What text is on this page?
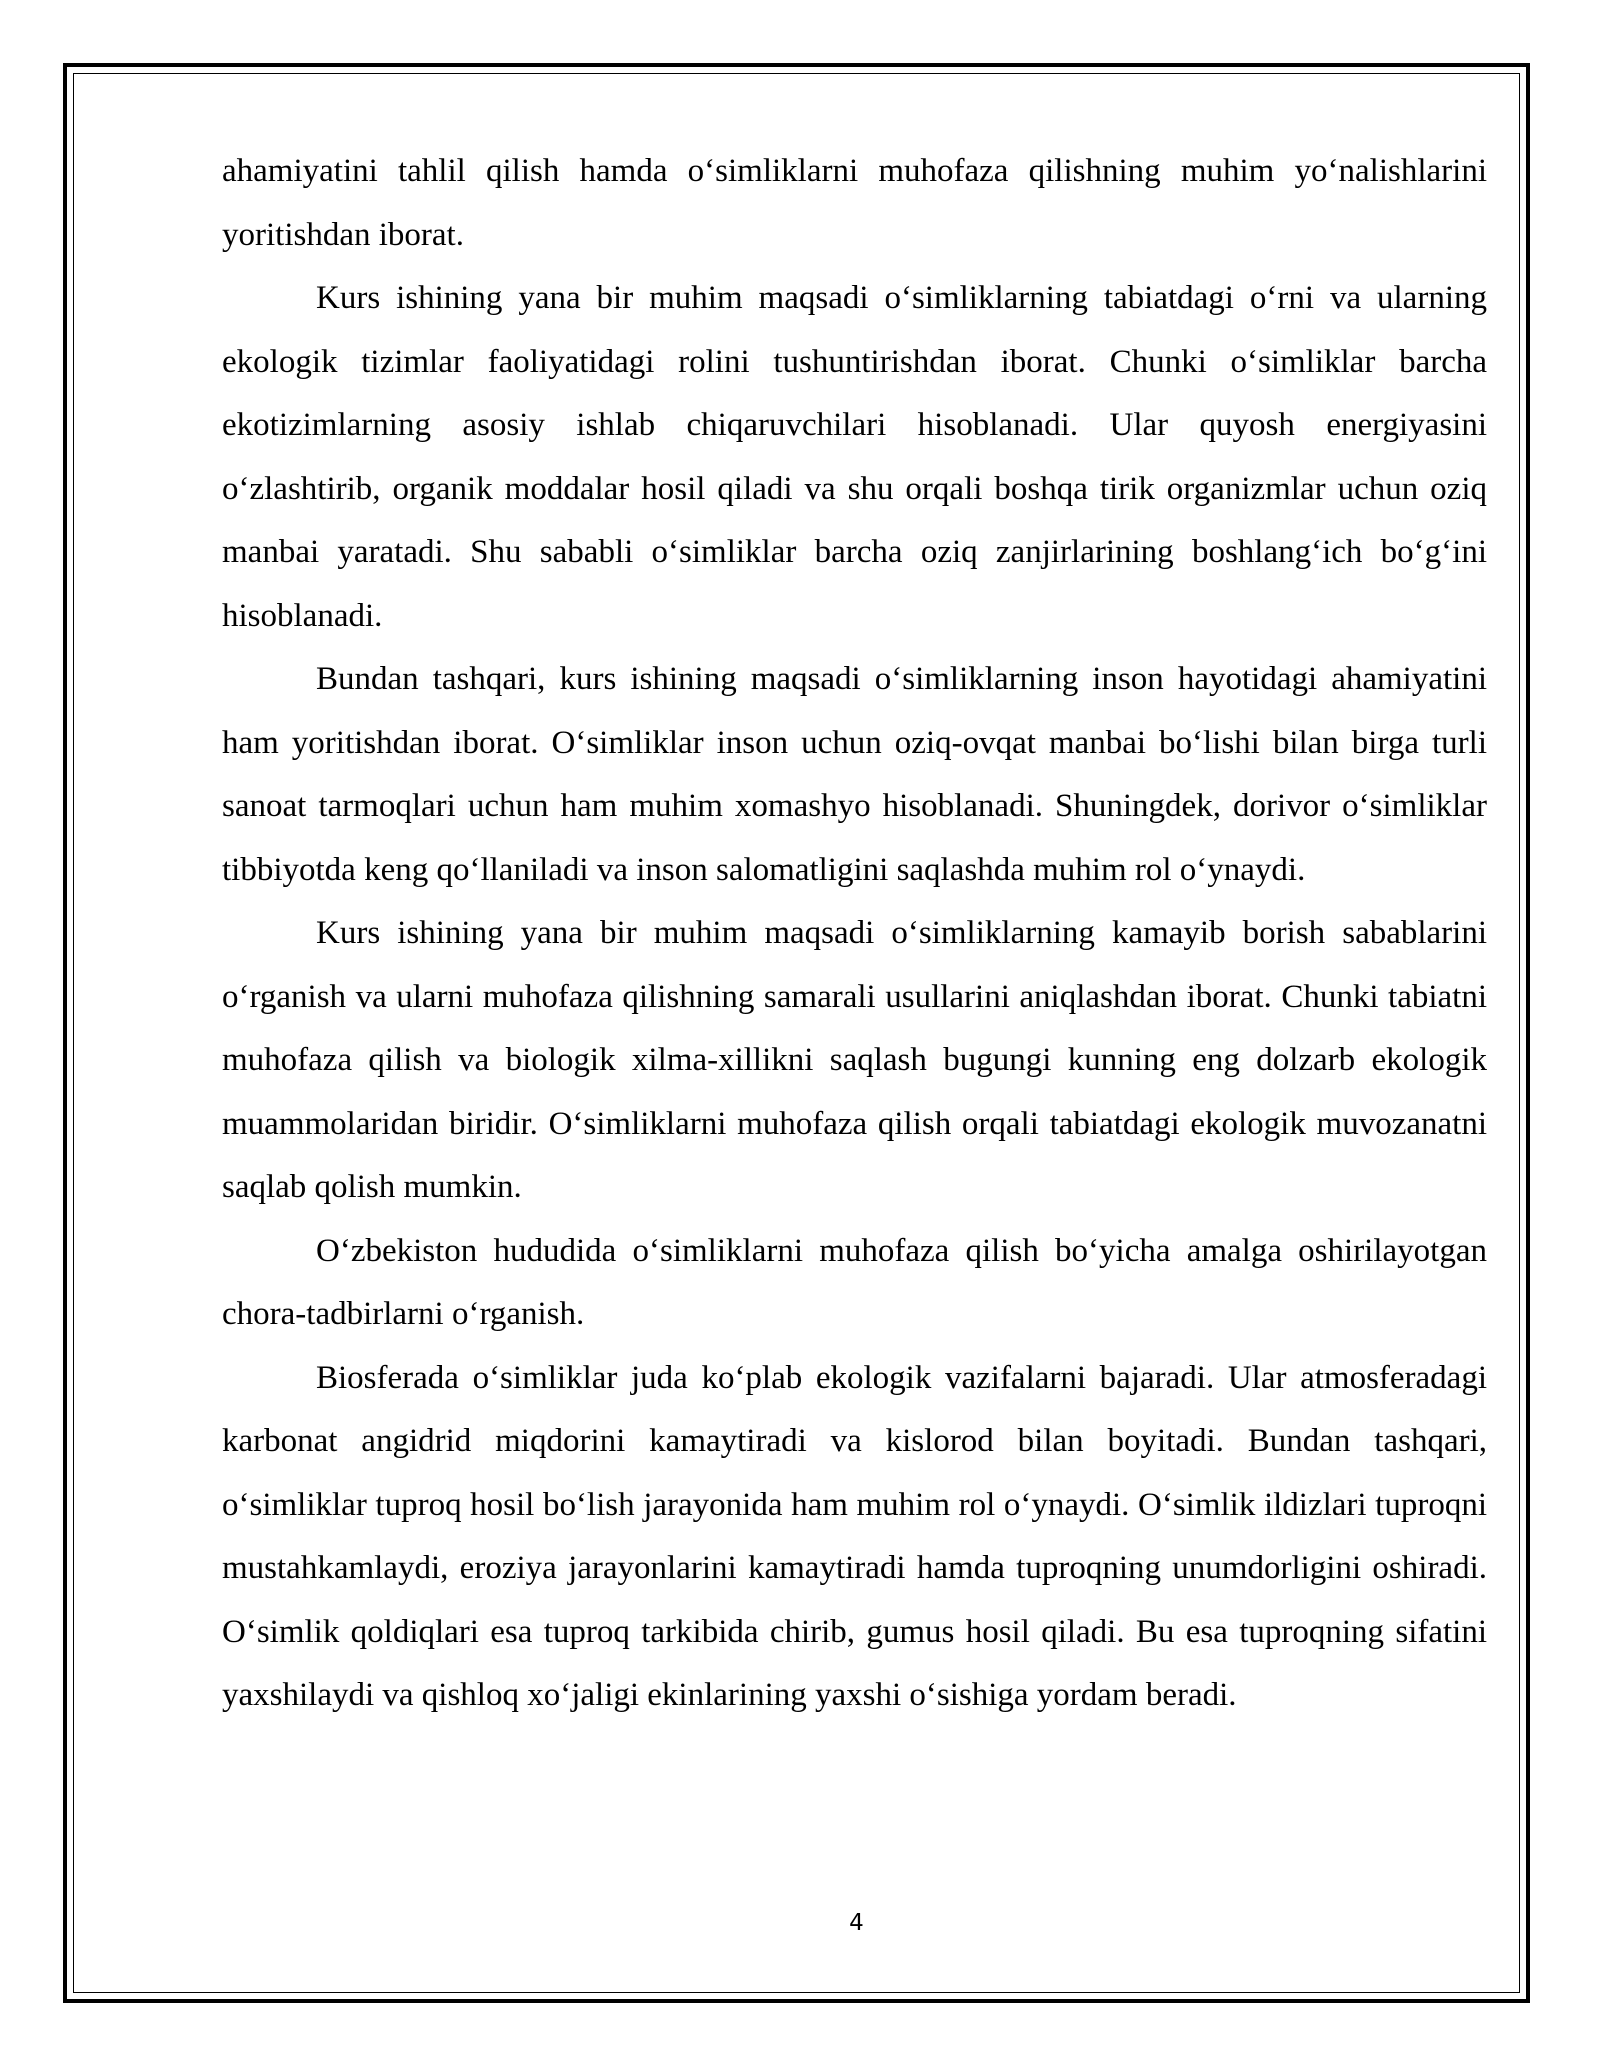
ahamiyatini tahlil qilish hamda o‘simliklarni muhofaza qilishning muhim yo‘nalishlarini yoritishdan iborat.

Kurs ishining yana bir muhim maqsadi o‘simliklarning tabiatdagi o‘rni va ularning ekologik tizimlar faoliyatidagi rolini tushuntirishdan iborat. Chunki o‘simliklar barcha ekotizimlarning asosiy ishlab chiqaruvchilari hisoblanadi. Ular quyosh energiyasini o‘zlashtirib, organik moddalar hosil qiladi va shu orqali boshqa tirik organizmlar uchun oziq manbai yaratadi. Shu sababli o‘simliklar barcha oziq zanjirlarining boshlang‘ich bo‘g‘ini hisoblanadi.

Bundan tashqari, kurs ishining maqsadi o‘simliklarning inson hayotidagi ahamiyatini ham yoritishdan iborat. O‘simliklar inson uchun oziq-ovqat manbai bo‘lishi bilan birga turli sanoat tarmoqlari uchun ham muhim xomashyo hisoblanadi. Shuningdek, dorivor o‘simliklar tibbiyotda keng qo‘llaniladi va inson salomatligini saqlashda muhim rol o‘ynaydi.

Kurs ishining yana bir muhim maqsadi o‘simliklarning kamayib borish sabablarini o‘rganish va ularni muhofaza qilishning samarali usullarini aniqlashdan iborat. Chunki tabiatni muhofaza qilish va biologik xilma-xillikni saqlash bugungi kunning eng dolzarb ekologik muammolaridan biridir. O‘simliklarni muhofaza qilish orqali tabiatdagi ekologik muvozanatni saqlab qolish mumkin.

O‘zbekiston hududida o‘simliklarni muhofaza qilish bo‘yicha amalga oshirilayotgan chora-tadbirlarni o‘rganish.

Biosferada o‘simliklar juda ko‘plab ekologik vazifalarni bajaradi. Ular atmosferadagi karbonat angidrid miqdorini kamaytiradi va kislorod bilan boyitadi. Bundan tashqari, o‘simliklar tuproq hosil bo‘lish jarayonida ham muhim rol o‘ynaydi. O‘simlik ildizlari tuproqni mustahkamlaydi, eroziya jarayonlarini kamaytiradi hamda tuproqning unumdorligini oshiradi. O‘simlik qoldiqlari esa tuproq tarkibida chirib, gumus hosil qiladi. Bu esa tuproqning sifatini yaxshilaydi va qishloq xo‘jaligi ekinlarining yaxshi o‘sishiga yordam beradi.

4
